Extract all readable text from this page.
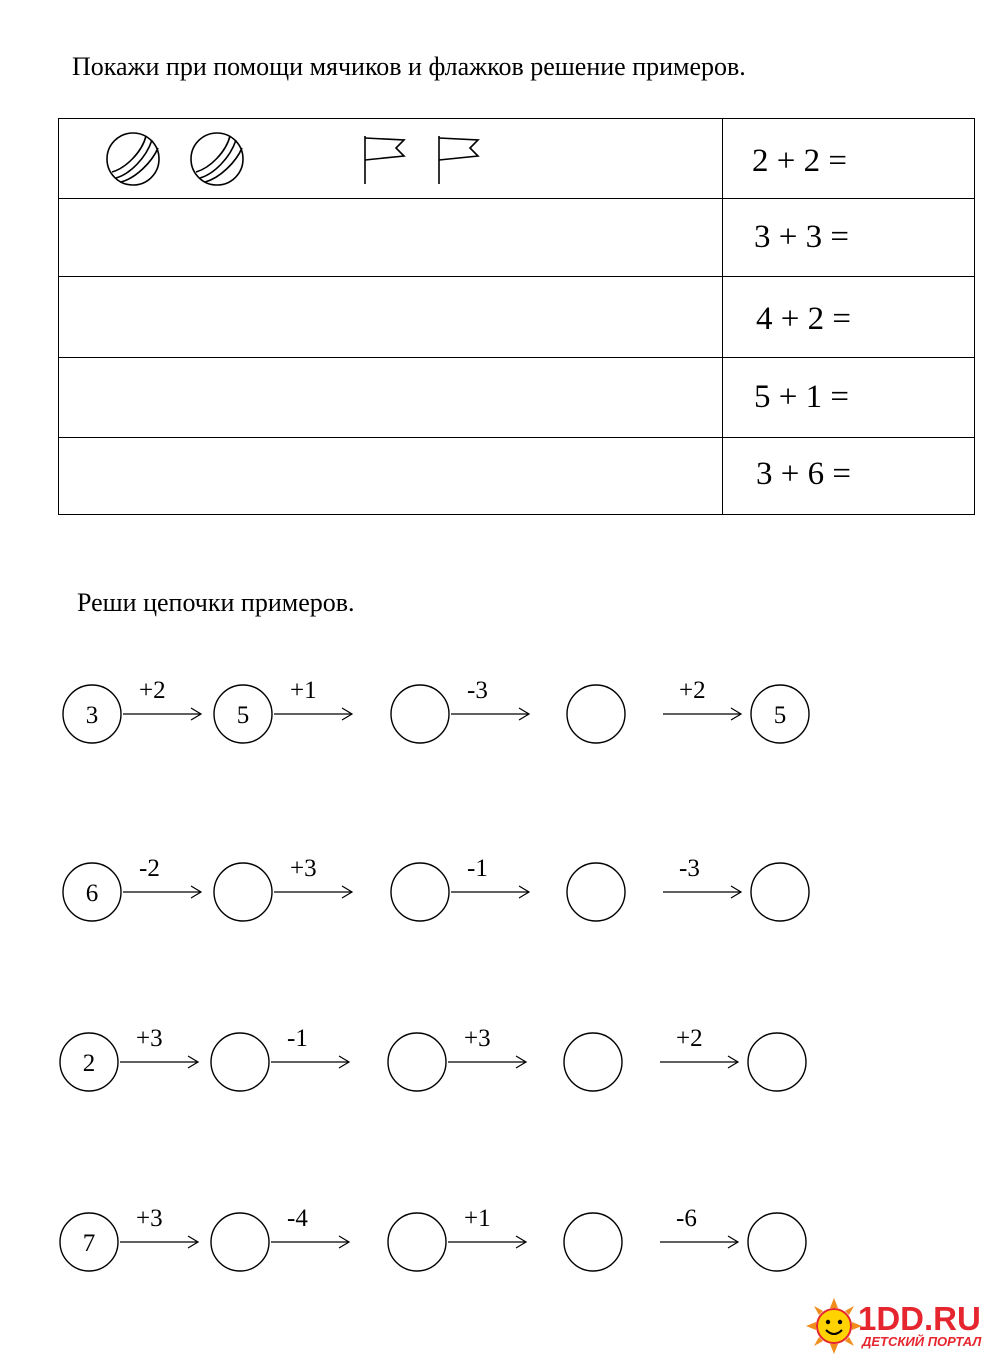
Покажи при помощи мячиков и флажков решение примеров.
2 + 2 =
3 + 3 =
4 + 2 =
5 + 1 =
3 + 6 =
Реши цепочки примеров.
3	5	5
+2	+1	-3	+2
6
-2	+3	-1	-3
2
+3	-1	+3	+2
7
+3	-4	+1	-6
1DD.RU
ДЕТСКИЙ ПОРТАЛ
